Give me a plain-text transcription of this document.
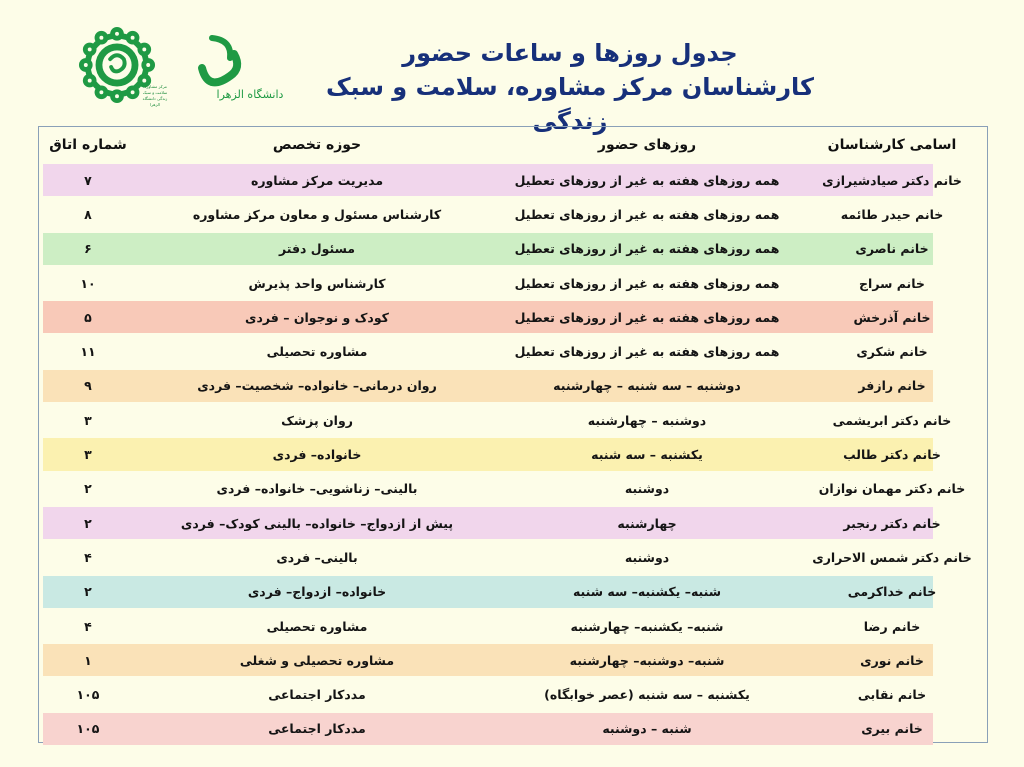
مرکز مشاوره، سلامت و سبک زندگی دانشگاه الزهرا
دانشگاه الزهرا
جدول روزها و ساعات حضور
کارشناسان مرکز مشاوره، سلامت و سبک زندگی
اسامی کارشناسان
روزهای حضور
حوزه تخصص
شماره اتاق
خانم دکتر صیادشیرازی
همه روزهای هفته به غیر از روزهای تعطیل
مدیریت مرکز مشاوره
۷
خانم حیدر طائمه
همه روزهای هفته به غیر از روزهای تعطیل
کارشناس مسئول و معاون مرکز مشاوره
۸
خانم ناصری
همه روزهای هفته به غیر از روزهای تعطیل
مسئول دفتر
۶
خانم سراج
همه روزهای هفته به غیر از روزهای تعطیل
کارشناس واحد پذیرش
۱۰
خانم آذرخش
همه روزهای هفته به غیر از روزهای تعطیل
کودک و نوجوان – فردی
۵
خانم شکری
همه روزهای هفته به غیر از روزهای تعطیل
مشاوره تحصیلی
۱۱
خانم رازفر
دوشنبه – سه شنبه – چهارشنبه
روان درمانی– خانواده– شخصیت– فردی
۹
خانم دکتر ابریشمی
دوشنبه – چهارشنبه
روان پزشک
۳
خانم دکتر طالب
یکشنبه – سه شنبه
خانواده– فردی
۳
خانم دکتر مهمان نوازان
دوشنبه
بالینی– زناشویی– خانواده– فردی
۲
خانم دکتر رنجبر
چهارشنبه
پیش از ازدواج– خانواده– بالینی کودک– فردی
۲
خانم دکتر شمس الاحراری
دوشنبه
بالینی– فردی
۴
خانم خداکرمی
شنبه– یکشنبه– سه شنبه
خانواده– ازدواج– فردی
۲
خانم رضا
شنبه– یکشنبه– چهارشنبه
مشاوره تحصیلی
۴
خانم نوری
شنبه– دوشنبه– چهارشنبه
مشاوره تحصیلی و شغلی
۱
خانم نقابی
یکشنبه – سه شنبه (عصر خوابگاه)
مددکار اجتماعی
۱۰۵
خانم بیری
شنبه – دوشنبه
مددکار اجتماعی
۱۰۵
